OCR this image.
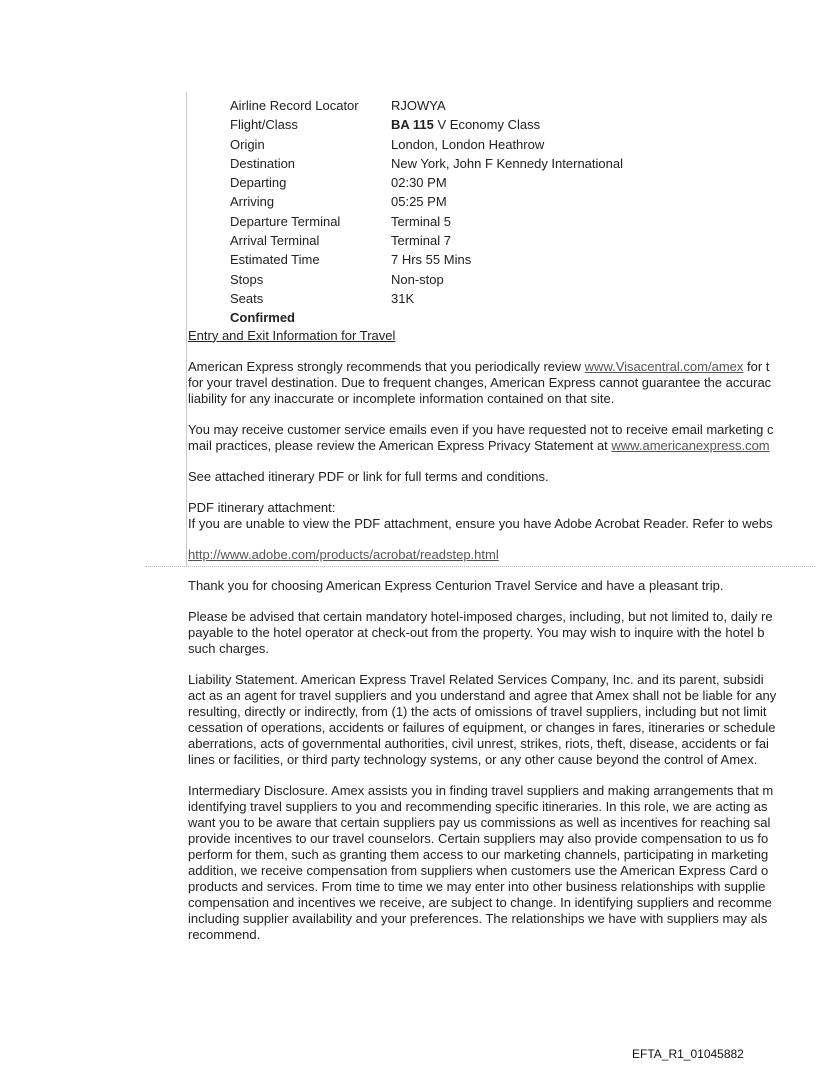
Airline Record Locator	RJOWYA
Flight/Class	BA 115 V Economy Class
Origin	London, London Heathrow
Destination	New York, John F Kennedy International
Departing	02:30 PM
Arriving	05:25 PM
Departure Terminal	Terminal 5
Arrival Terminal	Terminal 7
Estimated Time	7 Hrs 55 Mins
Stops	Non-stop
Seats	31K
Confirmed	
Entry and Exit Information for Travel

American Express strongly recommends that you periodically review www.Visacentral.com/amex for t
for your travel destination. Due to frequent changes, American Express cannot guarantee the accurac
liability for any inaccurate or incomplete information contained on that site.

You may receive customer service emails even if you have requested not to receive email marketing c
mail practices, please review the American Express Privacy Statement at www.americanexpress.com

See attached itinerary PDF or link for full terms and conditions.

PDF itinerary attachment:
If you are unable to view the PDF attachment, ensure you have Adobe Acrobat Reader. Refer to webs

http://www.adobe.com/products/acrobat/readstep.html

Thank you for choosing American Express Centurion Travel Service and have a pleasant trip.

Please be advised that certain mandatory hotel-imposed charges, including, but not limited to, daily re
payable to the hotel operator at check-out from the property. You may wish to inquire with the hotel b
such charges.

Liability Statement. American Express Travel Related Services Company, Inc. and its parent, subsidi
act as an agent for travel suppliers and you understand and agree that Amex shall not be liable for any
resulting, directly or indirectly, from (1) the acts of omissions of travel suppliers, including but not limit
cessation of operations, accidents or failures of equipment, or changes in fares, itineraries or schedule
aberrations, acts of governmental authorities, civil unrest, strikes, riots, theft, disease, accidents or fai
lines or facilities, or third party technology systems, or any other cause beyond the control of Amex.

Intermediary Disclosure. Amex assists you in finding travel suppliers and making arrangements that m
identifying travel suppliers to you and recommending specific itineraries. In this role, we are acting as
want you to be aware that certain suppliers pay us commissions as well as incentives for reaching sal
provide incentives to our travel counselors. Certain suppliers may also provide compensation to us fo
perform for them, such as granting them access to our marketing channels, participating in marketing
addition, we receive compensation from suppliers when customers use the American Express Card o
products and services. From time to time we may enter into other business relationships with supplie
compensation and incentives we receive, are subject to change. In identifying suppliers and recomme
including supplier availability and your preferences. The relationships we have with suppliers may als
recommend.

EFTA_R1_01045882
